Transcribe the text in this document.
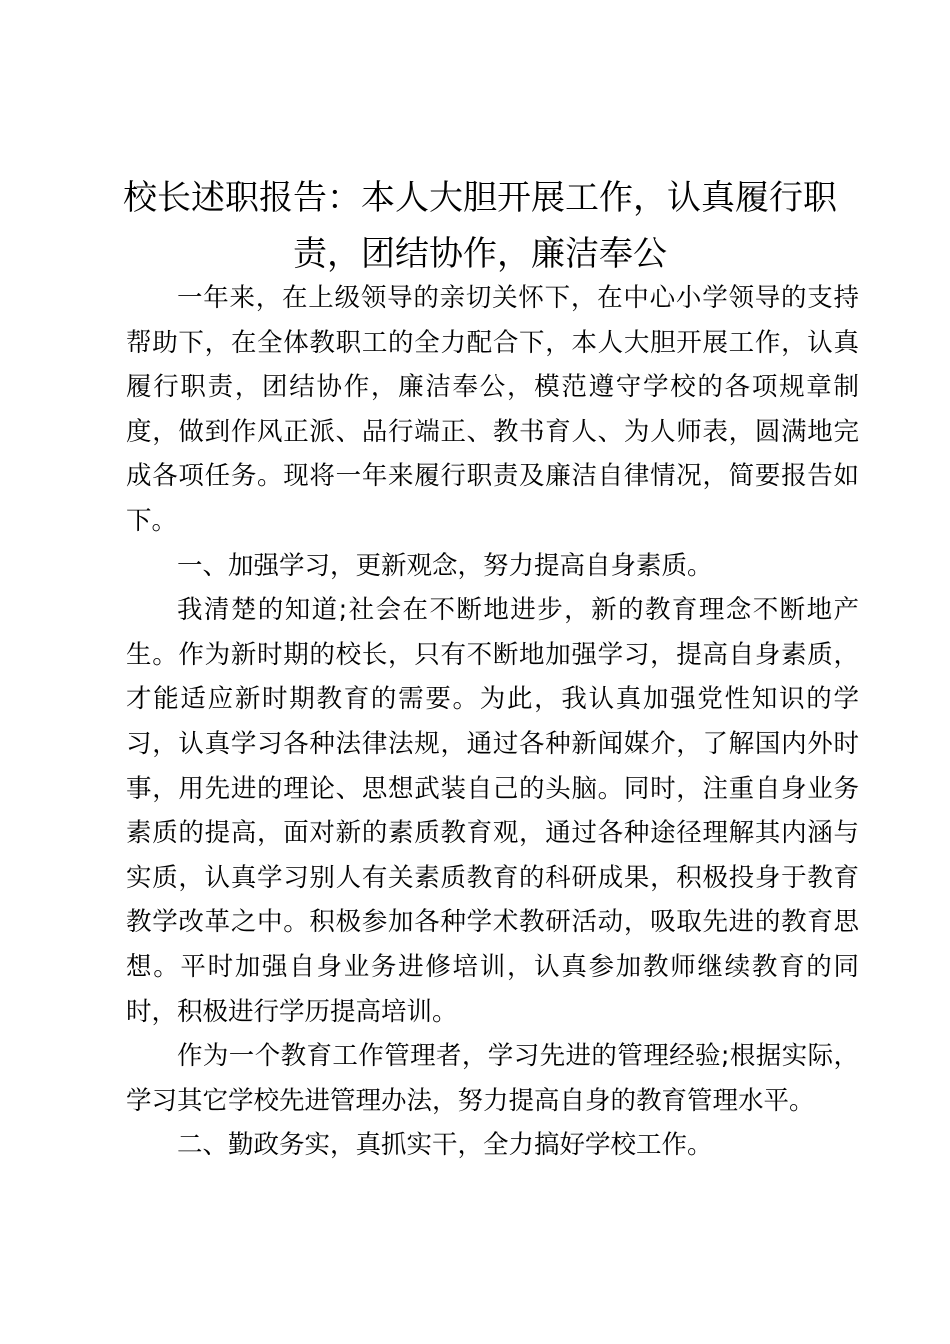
校长述职报告：本人大胆开展工作，认真履行职责，团结协作，廉洁奉公

一年来，在上级领导的亲切关怀下，在中心小学领导的支持帮助下，在全体教职工的全力配合下，本人大胆开展工作，认真履行职责，团结协作，廉洁奉公，模范遵守学校的各项规章制度，做到作风正派、品行端正、教书育人、为人师表，圆满地完成各项任务。现将一年来履行职责及廉洁自律情况，简要报告如下。

一、加强学习，更新观念，努力提高自身素质。

我清楚的知道;社会在不断地进步，新的教育理念不断地产生。作为新时期的校长，只有不断地加强学习，提高自身素质，才能适应新时期教育的需要。为此，我认真加强党性知识的学习，认真学习各种法律法规，通过各种新闻媒介，了解国内外时事，用先进的理论、思想武装自己的头脑。同时，注重自身业务素质的提高，面对新的素质教育观，通过各种途径理解其内涵与实质，认真学习别人有关素质教育的科研成果，积极投身于教育教学改革之中。积极参加各种学术教研活动，吸取先进的教育思想。平时加强自身业务进修培训，认真参加教师继续教育的同时，积极进行学历提高培训。

作为一个教育工作管理者，学习先进的管理经验;根据实际，学习其它学校先进管理办法，努力提高自身的教育管理水平。

二、勤政务实，真抓实干，全力搞好学校工作。
